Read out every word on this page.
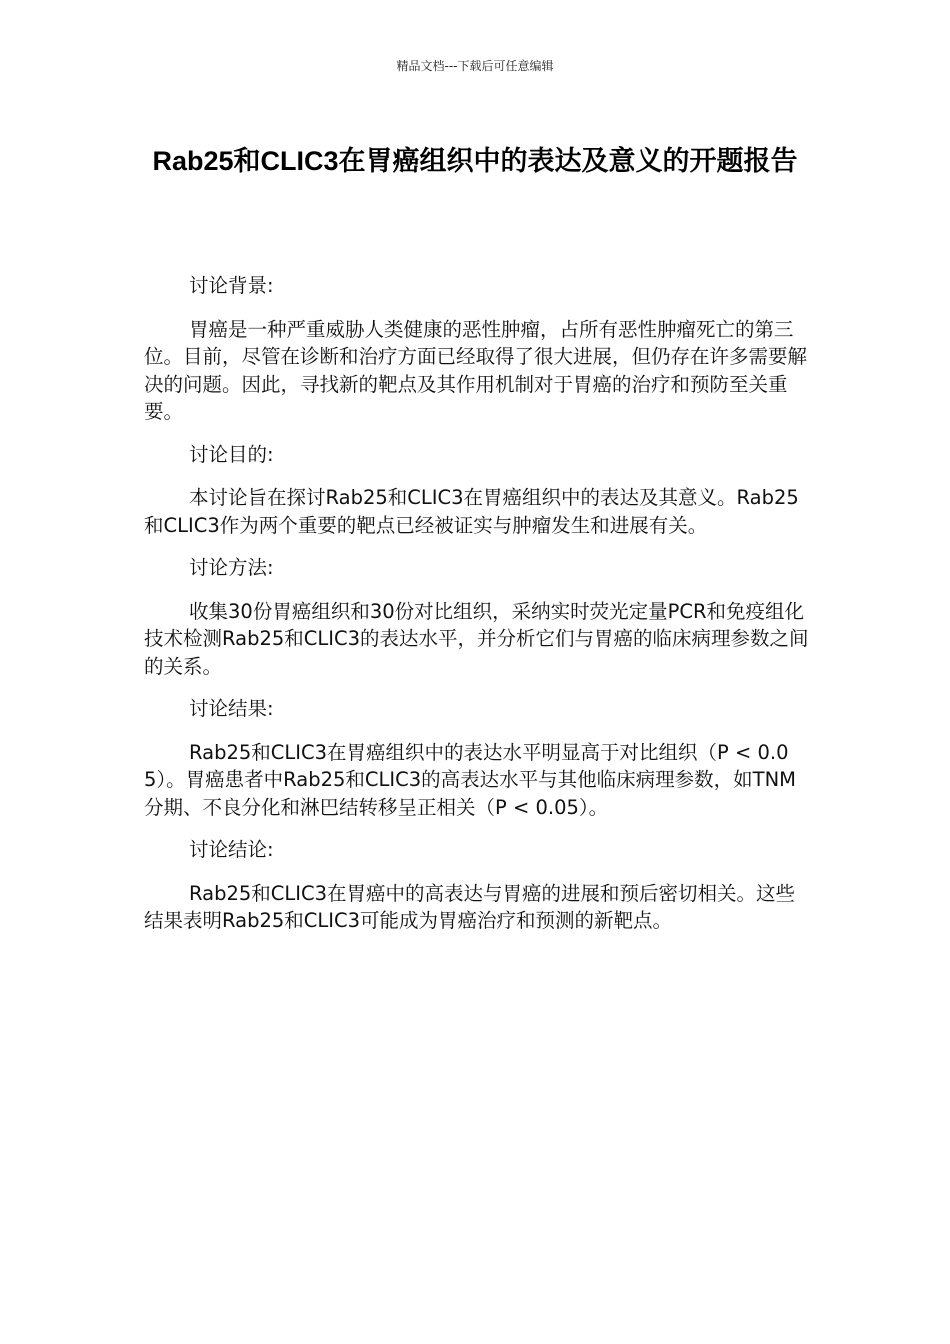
精品文档---下载后可任意编辑
Rab25和CLIC3在胃癌组织中的表达及意义的开题报告

讨论背景:

胃癌是一种严重威胁人类健康的恶性肿瘤，占所有恶性肿瘤死亡的第三位。目前，尽管在诊断和治疗方面已经取得了很大进展，但仍存在许多需要解决的问题。因此，寻找新的靶点及其作用机制对于胃癌的治疗和预防至关重要。

讨论目的:

本讨论旨在探讨Rab25和CLIC3在胃癌组织中的表达及其意义。Rab25和CLIC3作为两个重要的靶点已经被证实与肿瘤发生和进展有关。

讨论方法:

收集30份胃癌组织和30份对比组织，采纳实时荧光定量PCR和免疫组化技术检测Rab25和CLIC3的表达水平，并分析它们与胃癌的临床病理参数之间的关系。

讨论结果:

Rab25和CLIC3在胃癌组织中的表达水平明显高于对比组织（P < 0.05）。胃癌患者中Rab25和CLIC3的高表达水平与其他临床病理参数，如TNM分期、不良分化和淋巴结转移呈正相关（P < 0.05）。

讨论结论:

Rab25和CLIC3在胃癌中的高表达与胃癌的进展和预后密切相关。这些结果表明Rab25和CLIC3可能成为胃癌治疗和预测的新靶点。
